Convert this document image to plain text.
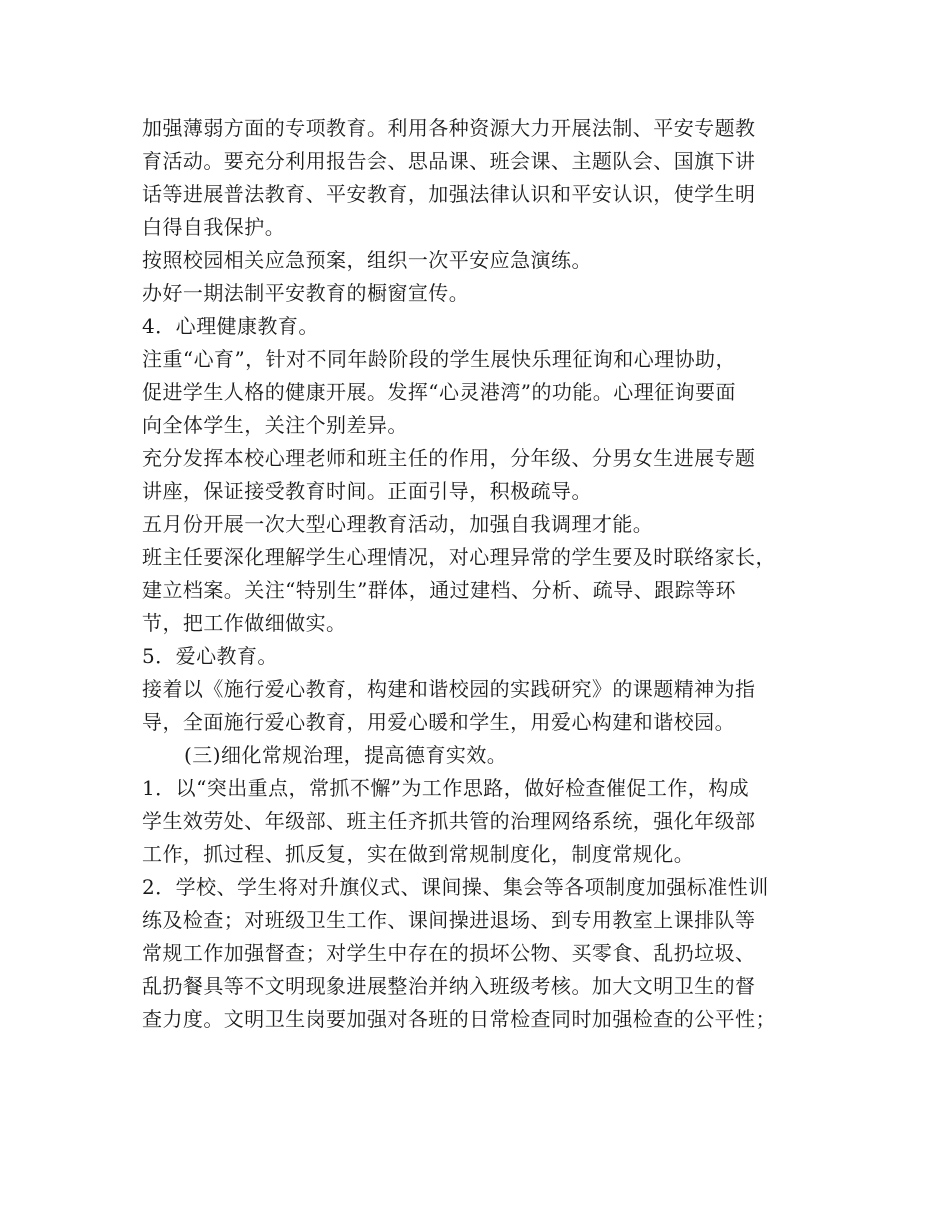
加强薄弱方面的专项教育。利用各种资源大力开展法制、平安专题教
育活动。要充分利用报告会、思品课、班会课、主题队会、国旗下讲
话等进展普法教育、平安教育，加强法律认识和平安认识，使学生明
白得自我保护。
按照校园相关应急预案，组织一次平安应急演练。
办好一期法制平安教育的橱窗宣传。
4．心理健康教育。
注重“心育”，针对不同年龄阶段的学生展快乐理征询和心理协助，
促进学生人格的健康开展。发挥“心灵港湾”的功能。心理征询要面
向全体学生，关注个别差异。
充分发挥本校心理老师和班主任的作用，分年级、分男女生进展专题
讲座，保证接受教育时间。正面引导，积极疏导。
五月份开展一次大型心理教育活动，加强自我调理才能。
班主任要深化理解学生心理情况，对心理异常的学生要及时联络家长，
建立档案。关注“特别生”群体，通过建档、分析、疏导、跟踪等环
节，把工作做细做实。
5．爱心教育。
接着以《施行爱心教育，构建和谐校园的实践研究》的课题精神为指
导，全面施行爱心教育，用爱心暖和学生，用爱心构建和谐校园。
(三)细化常规治理，提高德育实效。
1．以“突出重点，常抓不懈”为工作思路，做好检查催促工作，构成
学生效劳处、年级部、班主任齐抓共管的治理网络系统，强化年级部
工作，抓过程、抓反复，实在做到常规制度化，制度常规化。
2．学校、学生将对升旗仪式、课间操、集会等各项制度加强标准性训
练及检查；对班级卫生工作、课间操进退场、到专用教室上课排队等
常规工作加强督查；对学生中存在的损坏公物、买零食、乱扔垃圾、
乱扔餐具等不文明现象进展整治并纳入班级考核。加大文明卫生的督
查力度。文明卫生岗要加强对各班的日常检查同时加强检查的公平性；
